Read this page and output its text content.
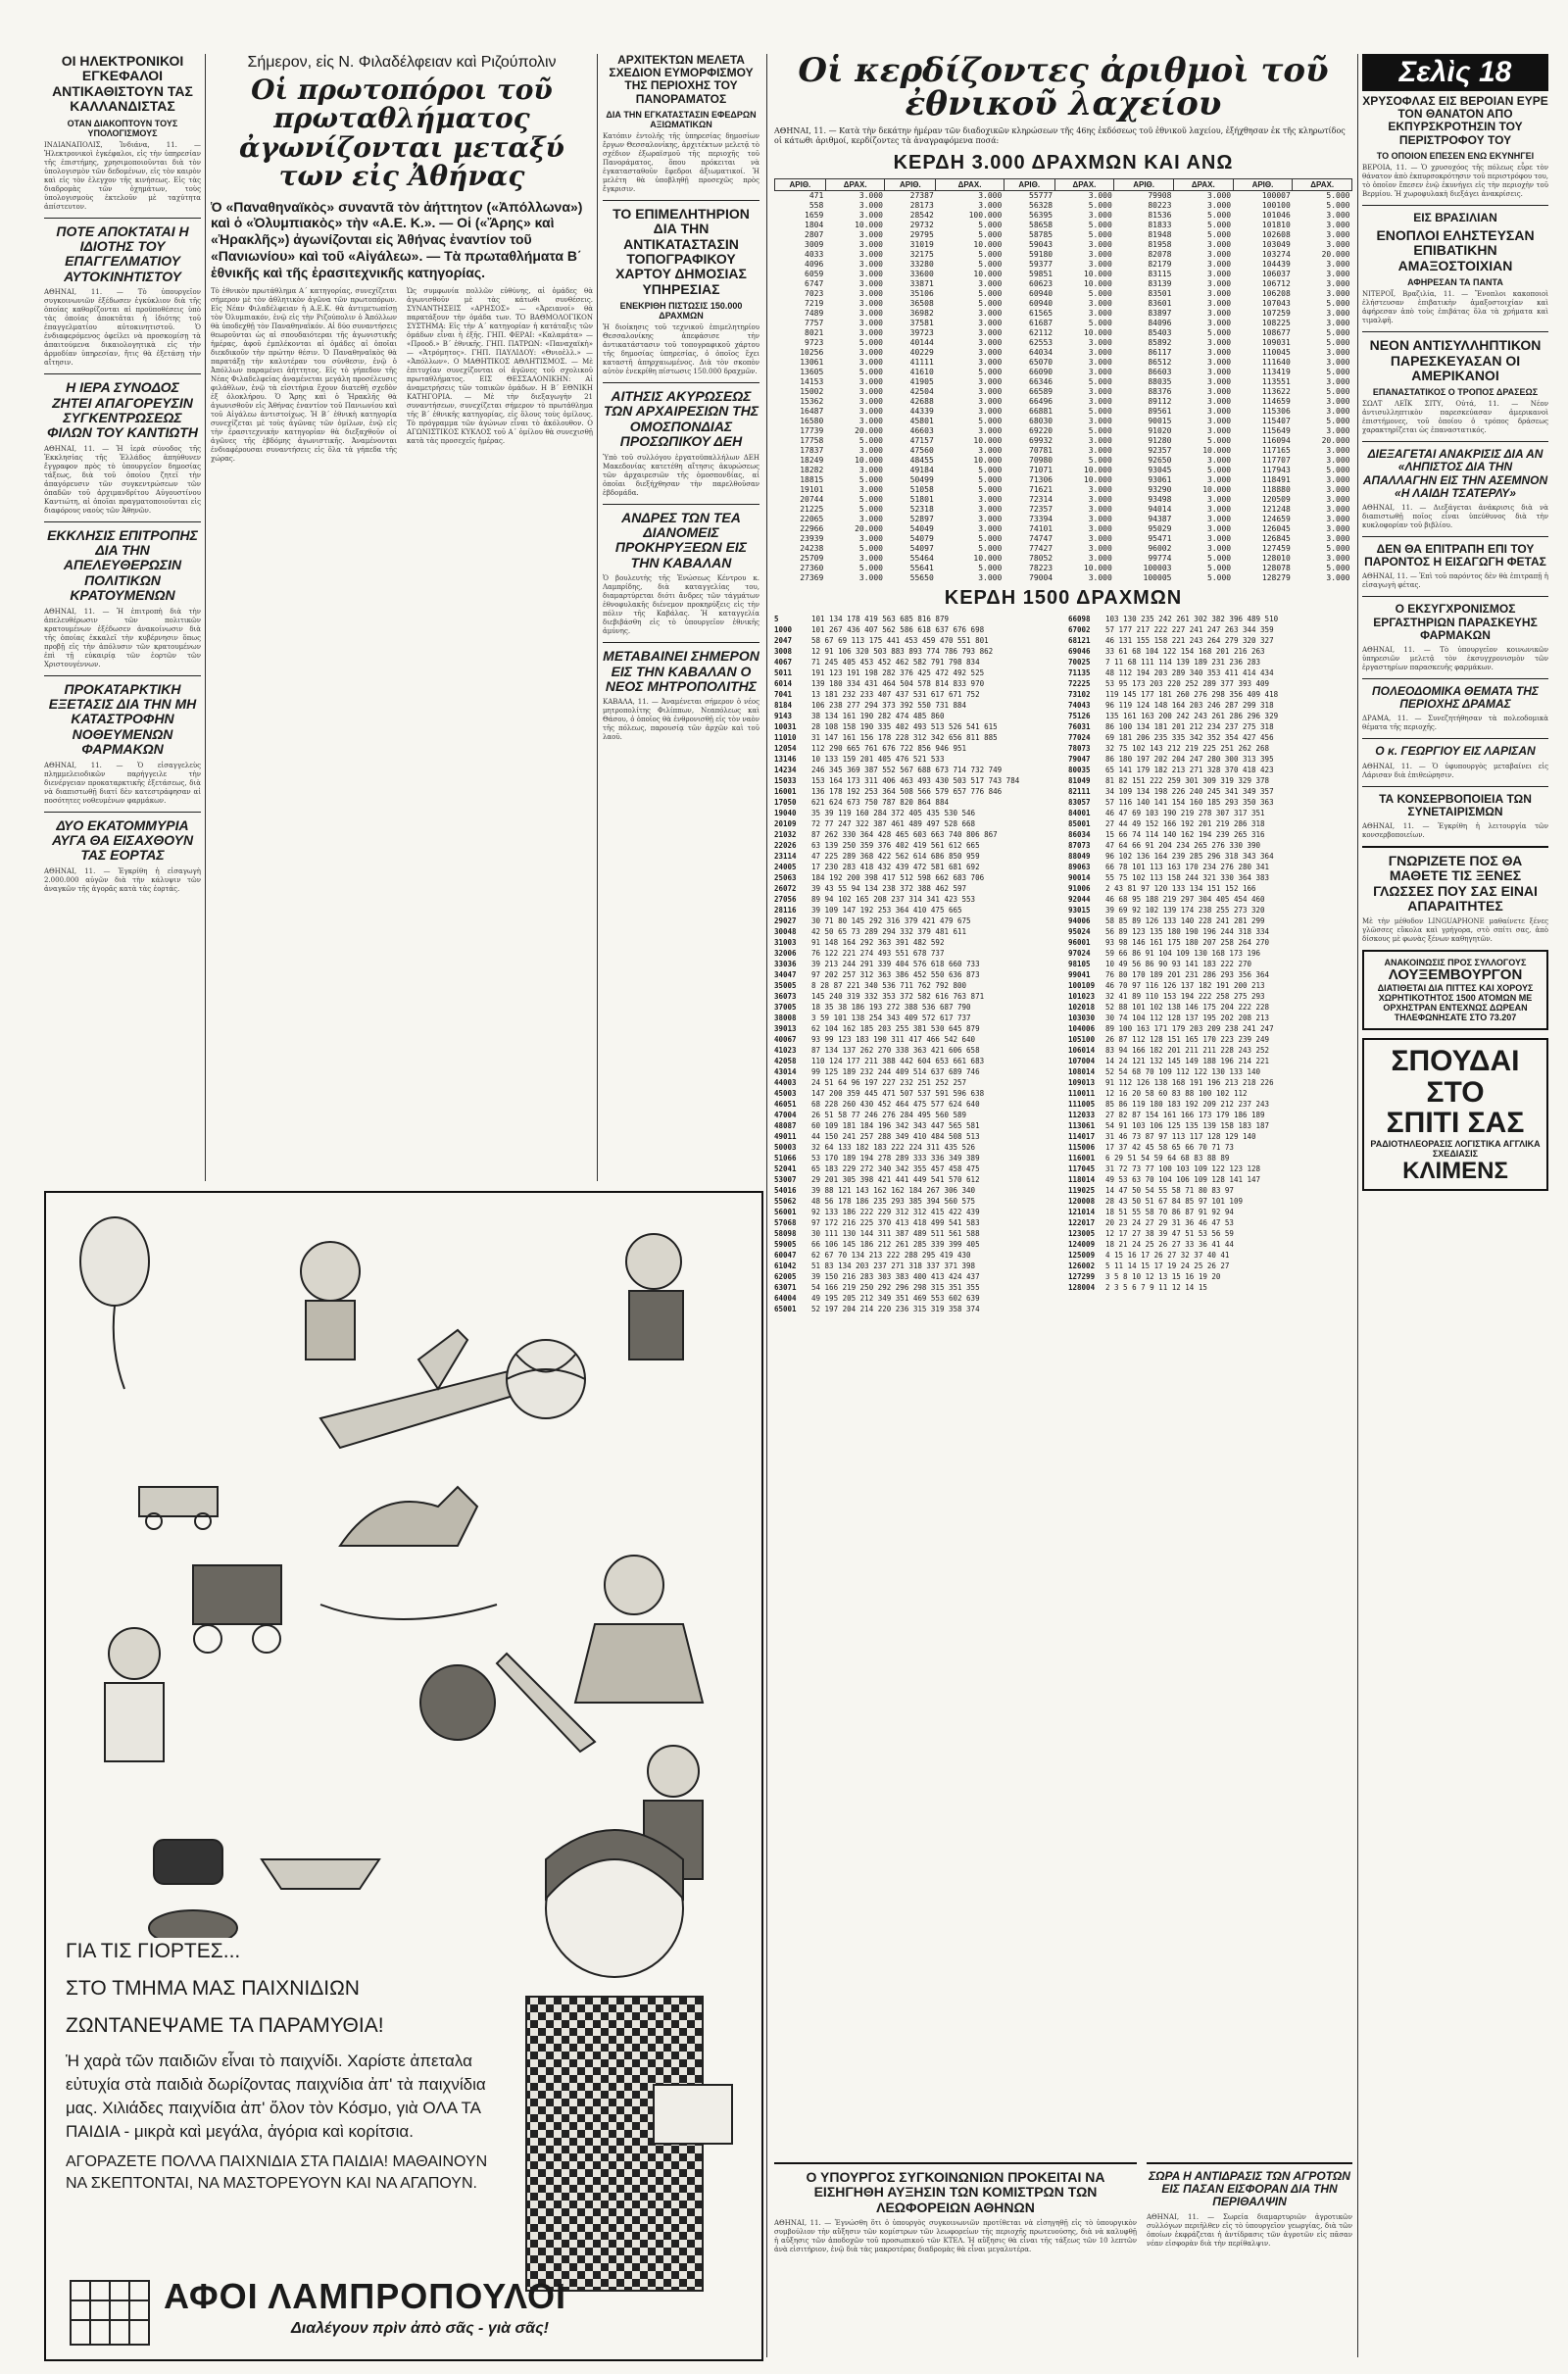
ΟΙ ΗΛΕΚΤΡΟΝΙΚΟΙ ΕΓΚΕΦΑΛΟΙ ΑΝΤΙΚΑΘΙΣΤΟΥΝ ΤΑΣ ΚΑΛΛΑΝΔΙΣΤΑΣ
ΟΤΑΝ ΔΙΑΚΟΠΤΟΥΝ ΤΟΥΣ ΥΠΟΛΟΓΙΣΜΟΥΣ
ΙΝΔΙΑΝΑΠΟΛΙΣ, Ἰνδιάνα, 11. — Ἠλεκτρονικοὶ ἐγκέφαλοι, εἰς τὴν ὑπηρεσίαν τῆς ἐπιστήμης, χρησιμοποιοῦνται διὰ τὸν ὑπολογισμὸν τῶν δεδομένων, εἰς τὸν καιρὸν καὶ εἰς τὸν ἐλεγχον τῆς κινήσεως. Εἰς τὰς διαδρομὰς τῶν ὀχημάτων, τοὺς ὑπολογισμοὺς ἐκτελοῦν μὲ ταχύτητα ἀπίστευτον.
ΠΟΤΕ ΑΠΟΚΤΑΤΑΙ Η ΙΔΙΟΤΗΣ ΤΟΥ ΕΠΑΓΓΕΛΜΑΤΙΟΥ ΑΥΤΟΚΙΝΗΤΙΣΤΟΥ
ΑΘΗΝΑΙ, 11. — Τὸ ὑπουργεῖον συγκοινωνιῶν ἐξέδωσεν ἐγκύκλιον διὰ τῆς ὁποίας καθορίζονται αἱ προϋποθέσεις ὑπὸ τὰς ὁποίας ἀποκτᾶται ἡ ἰδιότης τοῦ ἐπαγγελματίου αὐτοκινητιστοῦ. Ὁ ἐνδιαφερόμενος ὀφείλει νὰ προσκομίσῃ τὰ ἀπαιτούμενα δικαιολογητικὰ εἰς τὴν ἁρμοδίαν ὑπηρεσίαν, ἥτις θὰ ἐξετάσῃ τὴν αἴτησιν.
Η ΙΕΡΑ ΣΥΝΟΔΟΣ ΖΗΤΕΙ ΑΠΑΓΟΡΕΥΣΙΝ ΣΥΓΚΕΝΤΡΩΣΕΩΣ ΦΙΛΩΝ ΤΟΥ ΚΑΝΤΙΩΤΗ
ΑΘΗΝΑΙ, 11. — Ἡ ἱερὰ σύνοδος τῆς Ἐκκλησίας τῆς Ἑλλάδος ἀπηύθυνεν ἔγγραφον πρὸς τὸ ὑπουργεῖον δημοσίας τάξεως, διὰ τοῦ ὁποίου ζητεῖ τὴν ἀπαγόρευσιν τῶν συγκεντρώσεων τῶν ὀπαδῶν τοῦ ἀρχιμανδρίτου Αὐγουστίνου Καντιώτη, αἱ ὁποῖαι πραγματοποιοῦνται εἰς διαφόρους ναοὺς τῶν Ἀθηνῶν.
ΕΚΚΛΗΣΙΣ ΕΠΙΤΡΟΠΗΣ ΔΙΑ ΤΗΝ ΑΠΕΛΕΥΘΕΡΩΣΙΝ ΠΟΛΙΤΙΚΩΝ ΚΡΑΤΟΥΜΕΝΩΝ
ΑΘΗΝΑΙ, 11. — Ἡ ἐπιτροπὴ διὰ τὴν ἀπελευθέρωσιν τῶν πολιτικῶν κρατουμένων ἐξέδωσεν ἀνακοίνωσιν διὰ τῆς ὁποίας ἐκκαλεῖ τὴν κυβέρνησιν ὅπως προβῇ εἰς τὴν ἀπόλυσιν τῶν κρατουμένων ἐπὶ τῇ εὐκαιρίᾳ τῶν ἑορτῶν τῶν Χριστουγέννων.
ΠΡΟΚΑΤΑΡΚΤΙΚΗ ΕΞΕΤΑΣΙΣ ΔΙΑ ΤΗΝ ΜΗ ΚΑΤΑΣΤΡΟΦΗΝ ΝΟΘΕΥΜΕΝΩΝ ΦΑΡΜΑΚΩΝ
ΑΘΗΝΑΙ, 11. — Ὁ εἰσαγγελεὺς πλημμελειοδικῶν παρήγγειλε τὴν διενέργειαν προκαταρκτικῆς ἐξετάσεως, διὰ νὰ διαπιστωθῇ διατί δὲν κατεστράφησαν αἱ ποσότητες νοθευμένων φαρμάκων.
ΔΥΟ ΕΚΑΤΟΜΜΥΡΙΑ ΑΥΓΑ ΘΑ ΕΙΣΑΧΘΟΥΝ ΤΑΣ ΕΟΡΤΑΣ
ΑΘΗΝΑΙ, 11. — Ἐγκρίθη ἡ εἰσαγωγὴ 2.000.000 αὐγῶν διὰ τὴν κάλυψιν τῶν ἀναγκῶν τῆς ἀγορᾶς κατὰ τὰς ἑορτάς.
Σήμερον, εἰς Ν. Φιλαδέλφειαν καὶ Ριζούπολιν
Οἱ πρωτοπόροι τοῦ πρωταθλήματος ἀγωνίζονται μεταξύ των εἰς Ἀθήνας
Ὁ «Παναθηναϊκὸς» συναντᾶ τὸν ἀήττητον («Ἀπόλλωνα») καὶ ὁ «Ὀλυμπιακὸς» τὴν «Α.Ε. Κ.». — Οἱ («Ἄρης» καὶ «Ἡρακλῆς») ἀγωνίζονται εἰς Ἀθήνας ἐναντίον τοῦ «Πανιωνίου» καὶ τοῦ «Αἰγάλεω». — Τὰ πρωταθλήματα Β΄ ἐθνικῆς καὶ τῆς ἐρασιτεχνικῆς κατηγορίας.
Τὸ ἐθνικὸν πρωτάθλημα Α΄ κατηγορίας, συνεχίζεται σήμερον μὲ τὸν ἀθλητικὸν ἀγῶνα τῶν πρωτοπόρων. Εἰς Νέαν Φιλαδέλφειαν ἡ Α.Ε.Κ. θὰ ἀντιμετωπίσῃ τὸν Ὀλυμπιακόν, ἐνῷ εἰς τὴν Ριζούπολιν ὁ Ἀπόλλων θὰ ὑποδεχθῇ τὸν Παναθηναϊκόν. Αἱ δύο συναντήσεις θεωροῦνται ὡς αἱ σπουδαιότεραι τῆς ἀγωνιστικῆς ἡμέρας, ἀφοῦ ἐμπλέκονται αἱ ὁμάδες αἱ ὁποῖαι διεκδικοῦν τὴν πρώτην θέσιν. Ὁ Παναθηναϊκὸς θὰ παρατάξῃ τὴν καλυτέραν του σύνθεσιν, ἐνῷ ὁ Ἀπόλλων παραμένει ἀήττητος. Εἰς τὸ γήπεδον τῆς Νέας Φιλαδελφείας ἀναμένεται μεγάλη προσέλευσις φιλάθλων, ἐνῷ τὰ εἰσιτήρια ἔχουν διατεθῆ σχεδὸν ἐξ ὁλοκλήρου. Ὁ Ἄρης καὶ ὁ Ἡρακλῆς θὰ ἀγωνισθοῦν εἰς Ἀθήνας ἐναντίον τοῦ Πανιωνίου καὶ τοῦ Αἰγάλεω ἀντιστοίχως. Ἡ Β΄ ἐθνικὴ κατηγορία συνεχίζεται μὲ τοὺς ἀγῶνας τῶν ὁμίλων, ἐνῷ εἰς τὴν ἐρασιτεχνικὴν κατηγορίαν θὰ διεξαχθοῦν οἱ ἀγῶνες τῆς ἑβδόμης ἀγωνιστικῆς. Ἀναμένονται ἐνδιαφέρουσαι συναντήσεις εἰς ὅλα τὰ γήπεδα τῆς χώρας.
Ὡς συμφωνία πολλῶν εὐθύνης, αἱ ὁμάδες θὰ ἀγωνισθοῦν μὲ τὰς κάτωθι συνθέσεις. ΣΥΝΑΝΤΗΣΕΙΣ «ΑΡΗΣΟΣ» — «Ἀρειανοί» θὰ παρατάξουν τὴν ὁμάδα των. ΤΟ ΒΑΘΜΟΛΟΓΙΚΟΝ ΣΥΣΤΗΜΑ: Εἰς τὴν Α΄ κατηγορίαν ἡ κατάταξις τῶν ὁμάδων εἶναι ἡ ἑξῆς. ΓΗΠ. ΦΕΡΑΙ: «Καλαμάτα» — «Προοδ.» Β΄ ἐθνικῆς. ΓΗΠ. ΠΑΤΡΩΝ: «Παναχαϊκὴ» — «Ἀτρόμητος». ΓΗΠ. ΠΑΥΛΙΔΟΥ: «Θνιοἑλλ.» — «Ἀπόλλων». Ο ΜΑΘΗΤΙΚΟΣ ΑΘΛΗΤΙΣΜΟΣ. — Μὲ ἐπιτυχίαν συνεχίζονται οἱ ἀγῶνες τοῦ σχολικοῦ πρωταθλήματος. ΕΙΣ ΘΕΣΣΑΛΟΝΙΚΗΝ: Αἱ ἀναμετρήσεις τῶν τοπικῶν ὁμάδων. Η Β΄ ΕΘΝΙΚΗ ΚΑΤΗΓΟΡΙΑ. — Μὲ τὴν διεξαγωγὴν 21 συναντήσεων, συνεχίζεται σήμερον τὸ πρωτάθλημα τῆς Β΄ ἐθνικῆς κατηγορίας, εἰς ὅλους τοὺς ὁμίλους. Τὸ πρόγραμμα τῶν ἀγώνων εἶναι τὸ ἀκόλουθον. Ο ΑΓΩΝΙΣΤΙΚΟΣ ΚΥΚΛΟΣ τοῦ Α΄ ὁμίλου θὰ συνεχισθῇ κατὰ τὰς προσεχεῖς ἡμέρας.
ΑΡΧΙΤΕΚΤΩΝ ΜΕΛΕΤΑ ΣΧΕΔΙΟΝ ΕΥΜΟΡΦΙΣΜΟΥ ΤΗΣ ΠΕΡΙΟΧΗΣ ΤΟΥ ΠΑΝΟΡΑΜΑΤΟΣ
ΔΙΑ ΤΗΝ ΕΓΚΑΤΑΣΤΑΣΙΝ ΕΦΕΔΡΩΝ ΑΞΙΩΜΑΤΙΚΩΝ
Κατόπιν ἐντολῆς τῆς ὑπηρεσίας δημοσίων ἔργων Θεσσαλονίκης, ἀρχιτέκτων μελετᾷ τὸ σχέδιον ἐξωραϊσμοῦ τῆς περιοχῆς τοῦ Πανοράματος, ὅπου πρόκειται νὰ ἐγκατασταθοῦν ἔφεδροι ἀξιωματικοί. Ἡ μελέτη θὰ ὑποβληθῇ προσεχῶς πρὸς ἔγκρισιν.
ΤΟ ΕΠΙΜΕΛΗΤΗΡΙΟΝ ΔΙΑ ΤΗΝ ΑΝΤΙΚΑΤΑΣΤΑΣΙΝ ΤΟΠΟΓΡΑΦΙΚΟΥ ΧΑΡΤΟΥ ΔΗΜΟΣΙΑΣ ΥΠΗΡΕΣΙΑΣ
ΕΝΕΚΡΙΘΗ ΠΙΣΤΩΣΙΣ 150.000 ΔΡΑΧΜΩΝ
Ἡ διοίκησις τοῦ τεχνικοῦ ἐπιμελητηρίου Θεσσαλονίκης ἀπεφάσισε τὴν ἀντικατάστασιν τοῦ τοπογραφικοῦ χάρτου τῆς δημοσίας ὑπηρεσίας, ὁ ὁποῖος ἔχει καταστῆ ἀπηρχαιωμένος. Διὰ τὸν σκοπὸν αὐτὸν ἐνεκρίθη πίστωσις 150.000 δραχμῶν.
ΑΙΤΗΣΙΣ ΑΚΥΡΩΣΕΩΣ ΤΩΝ ΑΡΧΑΙΡΕΣΙΩΝ ΤΗΣ ΟΜΟΣΠΟΝΔΙΑΣ ΠΡΟΣΩΠΙΚΟΥ ΔΕΗ
Ὑπὸ τοῦ συλλόγου ἐργατοϋπαλλήλων ΔΕΗ Μακεδονίας κατετέθη αἴτησις ἀκυρώσεως τῶν ἀρχαιρεσιῶν τῆς ὁμοσπονδίας, αἱ ὁποῖαι διεξήχθησαν τὴν παρελθοῦσαν ἑβδομάδα.
ΑΝΔΡΕΣ ΤΩΝ ΤΕΑ ΔΙΑΝΟΜΕΙΣ ΠΡΟΚΗΡΥΞΕΩΝ ΕΙΣ ΤΗΝ ΚΑΒΑΛΑΝ
Ὁ βουλευτὴς τῆς Ἑνώσεως Κέντρου κ. Λαμπρίδης, διὰ καταγγελίας του, διαμαρτύρεται διότι ἄνδρες τῶν τάγμάτων ἐθνοφυλακῆς διένεμον προκηρύξεις εἰς τὴν πόλιν τῆς Καβάλας. Ἡ καταγγελία διεβιβάσθη εἰς τὸ ὑπουργεῖον ἐθνικῆς ἀμύνης.
ΜΕΤΑΒΑΙΝΕΙ ΣΗΜΕΡΟΝ ΕΙΣ ΤΗΝ ΚΑΒΑΛΑΝ Ο ΝΕΟΣ ΜΗΤΡΟΠΟΛΙΤΗΣ
ΚΑΒΑΛΑ, 11. — Ἀναμένεται σήμερον ὁ νέος μητροπολίτης Φιλίππων, Νεαπόλεως καὶ Θάσου, ὁ ὁποῖος θὰ ἐνθρονισθῇ εἰς τὸν ναὸν τῆς πόλεως, παρουσίᾳ τῶν ἀρχῶν καὶ τοῦ λαοῦ.
Οἱ κερδίζοντες ἀριθμοὶ τοῦ ἐθνικοῦ λαχείου
ΑΘΗΝΑΙ, 11. — Κατὰ τὴν δεκάτην ἡμέραν τῶν διαδοχικῶν κληρώσεων τῆς 46ης ἐκδόσεως τοῦ ἐθνικοῦ λαχείου, ἐξήχθησαν ἐκ τῆς κληρωτίδος οἱ κάτωθι ἀριθμοί, κερδίζοντες τὰ ἀναγραφόμενα ποσά:
ΚΕΡΔΗ 3.000 ΔΡΑΧΜΩΝ ΚΑΙ ΑΝΩ
ΑΡΙΘ.	ΔΡΑΧ.	ΑΡΙΘ.	ΔΡΑΧ.	ΑΡΙΘ.	ΔΡΑΧ.	ΑΡΙΘ.	ΔΡΑΧ.	ΑΡΙΘ.	ΔΡΑΧ.
471	3.000	27387	3.000	55777	3.000	79908	3.000	100007	5.000
558	3.000	28173	3.000	56328	5.000	80223	3.000	100100	5.000
1659	3.000	28542	100.000	56395	3.000	81536	5.000	101046	3.000
1804	10.000	29732	5.000	58658	5.000	81833	5.000	101810	3.000
2807	3.000	29795	5.000	58785	5.000	81948	5.000	102608	3.000
3009	3.000	31019	10.000	59043	3.000	81958	3.000	103049	3.000
4033	3.000	32175	5.000	59180	3.000	82078	3.000	103274	20.000
4096	3.000	33280	5.000	59377	3.000	82179	3.000	104439	3.000
6059	3.000	33600	10.000	59851	10.000	83115	3.000	106037	3.000
6747	3.000	33871	3.000	60623	10.000	83139	3.000	106712	3.000
7023	3.000	35106	5.000	60940	5.000	83501	3.000	106208	3.000
7219	3.000	36508	5.000	60940	3.000	83601	3.000	107043	5.000
7489	3.000	36982	3.000	61565	3.000	83897	3.000	107259	3.000
7757	3.000	37581	3.000	61687	5.000	84096	3.000	108225	3.000
8021	3.000	39723	3.000	62112	10.000	85403	5.000	108677	5.000
9723	5.000	40144	3.000	62553	3.000	85892	3.000	109031	5.000
10256	3.000	40229	3.000	64034	3.000	86117	3.000	110045	3.000
13061	3.000	41111	3.000	65070	3.000	86512	3.000	111640	3.000
13605	5.000	41610	5.000	66090	3.000	86603	3.000	113419	5.000
14153	3.000	41905	3.000	66346	5.000	88035	3.000	113551	3.000
15002	3.000	42504	3.000	66589	3.000	88376	3.000	113622	5.000
15362	3.000	42688	3.000	66496	3.000	89112	3.000	114659	3.000
16487	3.000	44339	3.000	66881	5.000	89561	3.000	115306	3.000
16580	3.000	45801	5.000	68030	3.000	90015	3.000	115407	5.000
17739	20.000	46603	3.000	69220	5.000	91020	3.000	115649	3.000
17758	5.000	47157	10.000	69932	3.000	91280	5.000	116094	20.000
17837	3.000	47560	3.000	70781	3.000	92357	10.000	117165	3.000
18249	10.000	48455	10.000	70980	5.000	92650	3.000	117707	3.000
18282	3.000	49184	5.000	71071	10.000	93045	5.000	117943	5.000
18815	5.000	50499	5.000	71306	10.000	93061	3.000	118491	3.000
19101	3.000	51058	5.000	71621	3.000	93290	10.000	118880	3.000
20744	5.000	51801	3.000	72314	3.000	93498	3.000	120509	3.000
21225	5.000	52318	3.000	72357	3.000	94014	3.000	121248	3.000
22065	3.000	52897	3.000	73394	3.000	94387	3.000	124659	3.000
22966	20.000	54049	3.000	74101	3.000	95029	3.000	126045	3.000
23939	3.000	54079	5.000	74747	3.000	95471	3.000	126845	3.000
24238	5.000	54097	5.000	77427	3.000	96002	3.000	127459	5.000
25709	3.000	55464	10.000	78052	3.000	99774	5.000	128010	3.000
27360	5.000	55641	5.000	78223	10.000	100003	5.000	128078	5.000
27369	3.000	55650	3.000	79004	3.000	100005	5.000	128279	3.000
ΚΕΡΔΗ 1500 ΔΡΑΧΜΩΝ
5	101 134 178 419 563 685 816 879
1000	101 267 436 407 562 586 618 637 676 698
2047	58 67 69 113 175 441 453 459 470 551 801
3008	12 91 106 320 503 883 893 774 786 793 862
4067	71 245 405 453 452 462 582 791 798 834
5011	191 123 191 198 282 376 425 472 492 525
6014	139 180 334 431 464 504 578 814 833 970
7041	13 181 232 233 407 437 531 617 671 752
8184	106 238 277 294 373 392 550 731 884
9143	38 134 161 190 282 474 485 860
10031	28 108 158 190 335 402 493 513 526 541 615
11010	31 147 161 156 178 228 312 342 656 811 885
12054	112 290 665 761 676 722 856 946 951
13146	10 133 159 201 405 476 521 533
14234	246 345 369 387 552 567 688 673 714 732 749
15033	153 164 173 311 406 463 493 430 503 517 743 784
16001	136 178 192 253 364 508 566 579 657 776 846
17050	621 624 673 750 787 820 864 884
19040	35 39 119 160 284 372 405 435 530 546
20109	72 77 247 322 387 461 489 497 528 668
21032	87 262 330 364 428 465 603 663 740 806 867
22026	63 139 250 359 376 402 419 561 612 665
23114	47 225 289 368 422 562 614 686 850 959
24005	17 230 283 418 432 439 472 581 681 692
25063	184 192 200 398 417 512 598 662 683 706
26072	39 43 55 94 134 238 372 388 462 597
27056	89 94 102 165 208 237 314 341 423 553
28116	39 109 147 192 253 364 410 475 665
29027	30 71 80 145 292 316 379 421 479 675
30048	42 50 65 73 289 294 332 379 481 611
31003	91 148 164 292 363 391 482 592
32006	76 122 221 274 493 551 678 737
33036	39 213 244 291 339 404 576 618 660 733
34047	97 202 257 312 363 386 452 550 636 873
35005	8 28 87 221 340 536 711 762 792 800
36073	145 240 319 332 353 372 582 616 763 871
37005	18 35 38 186 193 272 388 536 687 790
38008	3 59 101 138 254 343 409 572 617 737
39013	62 104 162 185 203 255 381 530 645 879
40067	93 99 123 183 190 311 417 466 542 640
41023	87 134 137 262 270 338 363 421 606 658
42058	110 124 177 211 388 442 604 653 661 683
43014	99 125 189 232 244 409 514 637 689 746
44003	24 51 64 96 197 227 232 251 252 257
45003	147 200 359 445 471 507 537 591 596 638
46051	68 228 260 430 452 464 475 577 624 640
47004	26 51 58 77 246 276 284 495 560 589
48087	60 109 181 184 196 342 343 447 565 581
49011	44 150 241 257 288 349 410 484 508 513
50003	32 64 133 182 183 222 224 311 435 526
51066	53 170 189 194 278 289 333 336 349 389
52041	65 183 229 272 340 342 355 457 458 475
53007	29 201 305 398 421 441 449 541 570 612
54016	39 88 121 143 162 162 184 267 306 340
55062	48 56 178 186 235 293 385 394 560 575
56001	92 133 186 222 229 312 312 415 422 439
57068	97 172 216 225 370 413 418 499 541 583
58098	30 111 130 144 311 387 489 511 561 588
59005	66 106 145 186 212 261 285 339 399 405
60047	62 67 70 134 213 222 288 295 419 430
61042	51 83 134 203 237 271 318 337 371 398
62005	39 150 216 283 303 383 400 413 424 437
63071	54 166 219 250 292 296 298 315 351 355
64004	49 195 205 212 349 351 469 553 602 639
65001	52 197 204 214 220 236 315 319 358 374
66098	103 130 235 242 261 302 382 396 489 510
67002	57 177 217 222 227 241 247 263 344 359
68121	46 131 155 158 221 243 264 279 320 327
69046	33 61 68 104 122 154 168 201 216 263
70025	7 11 68 111 114 139 189 231 236 283
71135	48 112 194 203 289 340 353 411 414 434
72225	53 95 173 203 220 252 289 377 393 409
73102	119 145 177 181 260 276 298 356 409 418
74043	96 119 124 148 164 203 246 287 299 318
75126	135 161 163 200 242 243 261 286 296 329
76031	86 100 134 181 201 212 234 237 275 318
77024	69 181 206 235 335 342 352 354 427 456
78073	32 75 102 143 212 219 225 251 262 268
79047	86 180 197 202 204 247 280 300 313 395
80035	65 141 179 182 213 271 328 370 418 423
81049	81 82 151 222 259 301 309 319 329 378
82111	34 109 134 198 226 240 245 341 349 357
83057	57 116 140 141 154 160 185 293 350 363
84001	46 47 69 103 190 219 278 307 317 351
85001	27 44 49 152 166 192 201 219 286 318
86034	15 66 74 114 140 162 194 239 265 316
87073	47 64 66 91 204 234 265 276 330 390
88049	96 102 136 164 239 285 296 318 343 364
89063	66 78 101 113 163 170 234 276 280 341
90014	55 75 102 113 158 244 321 330 364 383
91006	2 43 81 97 120 133 134 151 152 166
92044	46 68 95 188 219 297 304 405 454 460
93015	39 69 92 102 139 174 238 255 273 320
94006	58 85 89 126 133 140 228 241 281 299
95024	56 89 123 135 180 190 196 244 318 334
96001	93 98 146 161 175 180 207 258 264 270
97024	59 66 86 91 104 109 130 168 173 196
98105	10 49 56 86 90 93 141 183 222 270
99041	76 80 170 189 201 231 286 293 356 364
100109	46 70 97 116 126 137 182 191 200 213
101023	32 41 89 110 153 194 222 258 275 293
102018	52 88 101 102 138 146 175 204 222 228
103030	30 74 104 112 128 137 195 202 208 213
104006	89 100 163 171 179 203 209 238 241 247
105100	26 87 112 128 151 165 170 223 239 249
106014	83 94 166 182 201 211 211 228 243 252
107004	14 24 121 132 145 149 188 196 214 221
108014	52 54 68 70 109 112 122 130 133 140
109013	91 112 126 138 168 191 196 213 218 226
110011	12 16 20 58 60 83 88 100 102 112
111005	85 86 119 180 183 192 209 212 237 243
112033	27 82 87 154 161 166 173 179 186 189
113061	54 91 103 106 125 135 139 158 183 187
114017	31 46 73 87 97 113 117 128 129 140
115006	17 37 42 45 58 65 66 70 71 73
116001	6 29 51 54 59 64 68 83 88 89
117045	31 72 73 77 100 103 109 122 123 128
118014	49 53 63 70 104 106 109 128 141 147
119025	14 47 50 54 55 58 71 80 83 97
120008	28 43 50 51 67 84 85 97 101 109
121014	18 51 55 58 70 86 87 91 92 94
122017	20 23 24 27 29 31 36 46 47 53
123005	12 17 27 38 39 47 51 53 56 59
124009	18 21 24 25 26 27 33 36 41 44
125009	4 15 16 17 26 27 32 37 40 41
126002	5 11 14 15 17 19 24 25 26 27
127299	3 5 8 10 12 13 15 16 19 20
128004	2 3 5 6 7 9 11 12 14 15
Σελὶς 18
ΧΡΥΣΟΦΛΑΣ ΕΙΣ ΒΕΡΟΙΑΝ ΕΥΡΕ ΤΟΝ ΘΑΝΑΤΟΝ ΑΠΟ ΕΚΠΥΡΣΚΡΟΤΗΣΙΝ ΤΟΥ ΠΕΡΙΣΤΡΟΦΟΥ ΤΟΥ
ΤΟ ΟΠΟΙΟΝ ΕΠΕΣΕΝ ΕΝΩ ΕΚΥΝΗΓΕΙ
ΒΕΡΟΙΑ, 11. — Ὁ χρυσοχόος τῆς πόλεως εὗρε τὸν θάνατον ἀπὸ ἐκπυρσοκρότησιν τοῦ περιστρόφου του, τὸ ὁποῖον ἔπεσεν ἐνῷ ἐκυνήγει εἰς τὴν περιοχὴν τοῦ Βερμίου. Ἡ χωροφυλακὴ διεξάγει ἀνακρίσεις.
ΕΙΣ ΒΡΑΣΙΛΙΑΝ
ΕΝΟΠΛΟΙ ΕΛΗΣΤΕΥΣΑΝ ΕΠΙΒΑΤΙΚΗΝ ΑΜΑΞΟΣΤΟΙΧΙΑΝ
ΑΦΗΡΕΣΑΝ ΤΑ ΠΑΝΤΑ
ΝΙΤΕΡΟΪ, Βραζιλία, 11. — Ἔνοπλοι κακοποιοὶ ἐλήστευσαν ἐπιβατικὴν ἀμαξοστοιχίαν καὶ ἀφήρεσαν ἀπὸ τοὺς ἐπιβάτας ὅλα τὰ χρήματα καὶ τιμαλφῆ.
ΝΕΟΝ ΑΝΤΙΣΥΛΛΗΠΤΙΚΟΝ ΠΑΡΕΣΚΕΥΑΣΑΝ ΟΙ ΑΜΕΡΙΚΑΝΟΙ
ΕΠΑΝΑΣΤΑΤΙΚΟΣ Ο ΤΡΟΠΟΣ ΔΡΑΣΕΩΣ
ΣΩΛΤ ΛΕΪΚ ΣΙΤΥ, Οὐτά, 11. — Νέον ἀντισυλληπτικὸν παρεσκεύασαν ἀμερικανοὶ ἐπιστήμονες, τοῦ ὁποίου ὁ τρόπος δράσεως χαρακτηρίζεται ὡς ἐπαναστατικός.
ΔΙΕΞΑΓΕΤΑΙ ΑΝΑΚΡΙΣΙΣ ΔΙΑ ΑΝ «ΛΗΠΙΣΤΟΣ ΔΙΑ ΤΗΝ ΑΠΑΛΛΑΓΗΝ ΕΙΣ ΤΗΝ ΑΣΕΜΝΟΝ «Η ΛΑΙΔΗ ΤΣΑΤΕΡΛΥ»
ΑΘΗΝΑΙ, 11. — Διεξάγεται ἀνάκρισις διὰ νὰ διαπιστωθῇ ποῖος εἶναι ὑπεύθυνος διὰ τὴν κυκλοφορίαν τοῦ βιβλίου.
ΔΕΝ ΘΑ ΕΠΙΤΡΑΠΗ ΕΠΙ ΤΟΥ ΠΑΡΟΝΤΟΣ Η ΕΙΣΑΓΩΓΗ ΦΕΤΑΣ
ΑΘΗΝΑΙ, 11. — Ἐπὶ τοῦ παρόντος δὲν θὰ ἐπιτραπῇ ἡ εἰσαγωγὴ φέτας.
Ο ΕΚΣΥΓΧΡΟΝΙΣΜΟΣ ΕΡΓΑΣΤΗΡΙΩΝ ΠΑΡΑΣΚΕΥΗΣ ΦΑΡΜΑΚΩΝ
ΑΘΗΝΑΙ, 11. — Τὸ ὑπουργεῖον κοινωνικῶν ὑπηρεσιῶν μελετᾷ τὸν ἐκσυγχρονισμὸν τῶν ἐργαστηρίων παρασκευῆς φαρμάκων.
ΠΟΛΕΟΔΟΜΙΚΑ ΘΕΜΑΤΑ ΤΗΣ ΠΕΡΙΟΧΗΣ ΔΡΑΜΑΣ
ΔΡΑΜΑ, 11. — Συνεζητήθησαν τὰ πολεοδομικὰ θέματα τῆς περιοχῆς.
Ο κ. ΓΕΩΡΓΙΟΥ ΕΙΣ ΛΑΡΙΣΑΝ
ΑΘΗΝΑΙ, 11. — Ὁ ὑφυπουργὸς μεταβαίνει εἰς Λάρισαν διὰ ἐπιθεώρησιν.
ΤΑ ΚΟΝΣΕΡΒΟΠΟΙΕΙΑ ΤΩΝ ΣΥΝΕΤΑΙΡΙΣΜΩΝ
ΑΘΗΝΑΙ, 11. — Ἐγκρίθη ἡ λειτουργία τῶν κονσερβοποιείων.
ΓΝΩΡΙΖΕΤΕ ΠΟΣ ΘΑ ΜΑΘΕΤΕ ΤΙΣ ΞΕΝΕΣ ΓΛΩΣΣΕΣ ΠΟΥ ΣΑΣ ΕΙΝΑΙ ΑΠΑΡΑΙΤΗΤΕΣ
Μὲ τὴν μέθοδον LINGUAPHONE μαθαίνετε ξένες γλῶσσες εὔκολα καὶ γρήγορα, στὸ σπίτι σας, ἀπὸ δίσκους μὲ φωνὰς ξένων καθηγητῶν.
ΑΝΑΚΟΙΝΩΣΙΣ ΠΡΟΣ ΣΥΛΛΟΓΟΥΣ
ΛΟΥΞΕΜΒΟΥΡΓΟΝ
ΔΙΑΤΙΘΕΤΑΙ ΔΙΑ ΠΙΤΤΕΣ ΚΑΙ ΧΟΡΟΥΣ ΧΩΡΗΤΙΚΟΤΗΤΟΣ 1500 ΑΤΟΜΩΝ ΜΕ ΟΡΧΗΣΤΡΑΝ ΕΝΤΕΧΝΩΣ ΔΩΡΕΑΝ
ΤΗΛΕΦΩΝΗΣΑΤΕ ΣΤΟ 73.207
ΣΠΟΥΔΑΙ
ΣΤΟ
ΣΠΙΤΙ ΣΑΣ
ΡΑΔΙΟΤΗΛΕΟΡΑΣΙΣ ΛΟΓΙΣΤΙΚΑ ΑΓΓΛΙΚΑ ΣΧΕΔΙΑΣΙΣ
ΚΛΙΜΕΝΣ
ΓΙΑ ΤΙΣ ΓΙΟΡΤΕΣ...
ΣΤΟ ΤΜΗΜΑ ΜΑΣ ΠΑΙΧΝΙΔΙΩΝ
ΖΩΝΤΑΝΕΨΑΜΕ ΤΑ ΠΑΡΑΜΥΘΙΑ!
Ἡ χαρὰ τῶν παιδιῶν εἶναι τὸ παιχνίδι. Χαρίστε ἀπεταλα εὐτυχία στὰ παιδιὰ δωρίζοντας παιχνίδια ἀπ' τὰ παιχνίδια μας. Χιλιάδες παιχνίδια ἀπ' ὅλον τὸν Κόσμο, γιὰ ΟΛΑ ΤΑ ΠΑΙΔΙΑ - μικρὰ καὶ μεγάλα, ἀγόρια καὶ κορίτσια.
ΑΓΟΡΑΖΕΤΕ ΠΟΛΛΑ ΠΑΙΧΝΙΔΙΑ ΣΤΑ ΠΑΙΔΙΑ! ΜΑΘΑΙΝΟΥΝ ΝΑ ΣΚΕΠΤΟΝΤΑΙ, ΝΑ ΜΑΣΤΟΡΕΥΟΥΝ ΚΑΙ ΝΑ ΑΓΑΠΟΥΝ.
ΑΦΟΙ ΛΑΜΠΡΟΠΟΥΛΟΙ
Διαλέγουν πρὶν ἀπὸ σᾶς - γιὰ σᾶς!
Ο ΥΠΟΥΡΓΟΣ ΣΥΓΚΟΙΝΩΝΙΩΝ ΠΡΟΚΕΙΤΑΙ ΝΑ ΕΙΣΗΓΗΘΗ ΑΥΞΗΣΙΝ ΤΩΝ ΚΟΜΙΣΤΡΩΝ ΤΩΝ ΛΕΩΦΟΡΕΙΩΝ ΑΘΗΝΩΝ
ΑΘΗΝΑΙ, 11. — Ἐγνώσθη ὅτι ὁ ὑπουργὸς συγκοινωνιῶν προτίθεται νὰ εἰσηγηθῇ εἰς τὸ ὑπουργικὸν συμβούλιον τὴν αὔξησιν τῶν κομίστρων τῶν λεωφορείων τῆς περιοχῆς πρωτευούσης, διὰ νὰ καλυφθῇ ἡ αὔξησις τῶν ἀποδοχῶν τοῦ προσωπικοῦ τῶν ΚΤΕΛ. Ἡ αὔξησις θὰ εἶναι τῆς τάξεως τῶν 10 λεπτῶν ἀνὰ εἰσιτήριον, ἐνῷ διὰ τὰς μακροτέρας διαδρομὰς θὰ εἶναι μεγαλυτέρα.
ΣΩΡΑ Η ΑΝΤΙΔΡΑΣΙΣ ΤΩΝ ΑΓΡΟΤΩΝ ΕΙΣ ΠΑΣΑΝ ΕΙΣΦΟΡΑΝ ΔΙΑ ΤΗΝ ΠΕΡΙΘΑΛΨΙΝ
ΑΘΗΝΑΙ, 11. — Σωρεία διαμαρτυριῶν ἀγροτικῶν συλλόγων περιῆλθεν εἰς τὸ ὑπουργεῖον γεωργίας, διὰ τῶν ὁποίων ἐκφράζεται ἡ ἀντίδρασις τῶν ἀγροτῶν εἰς πᾶσαν νέαν εἰσφορὰν διὰ τὴν περίθαλψιν.
